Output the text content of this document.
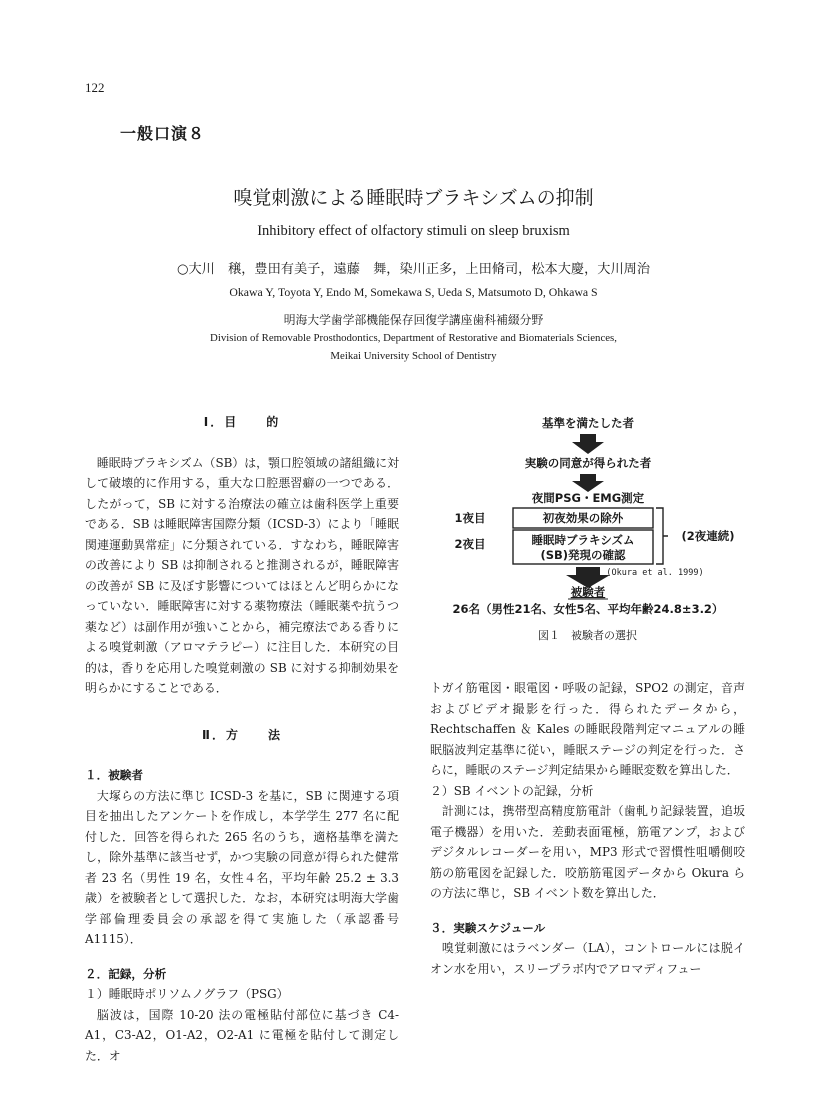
122
一般口演８
嗅覚刺激による睡眠時ブラキシズムの抑制
Inhibitory effect of olfactory stimuli on sleep bruxism
○大川　穣，豊田有美子，遠藤　舞，染川正多，上田脩司，松本大慶，大川周治
Okawa Y, Toyota Y, Endo M, Somekawa S, Ueda S, Matsumoto D, Ohkawa S
明海大学歯学部機能保存回復学講座歯科補綴分野
Division of Removable Prosthodontics, Department of Restorative and Biomaterials Sciences,
Meikai University School of Dentistry
Ⅰ．目　　的
睡眠時ブラキシズム（SB）は，顎口腔領域の諸組織に対して破壊的に作用する，重大な口腔悪習癖の一つである．したがって，SB に対する治療法の確立は歯科医学上重要である．SB は睡眠障害国際分類（ICSD-3）により「睡眠関連運動異常症」に分類されている．すなわち，睡眠障害の改善により SB は抑制されると推測されるが，睡眠障害の改善が SB に及ぼす影響についてはほとんど明らかになっていない．睡眠障害に対する薬物療法（睡眠薬や抗うつ薬など）は副作用が強いことから，補完療法である香りによる嗅覚刺激（アロマテラピー）に注目した．本研究の目的は，香りを応用した嗅覚刺激の SB に対する抑制効果を明らかにすることである．
Ⅱ．方　　法
１．被験者
大塚らの方法に準じ ICSD-3 を基に，SB に関連する項目を抽出したアンケートを作成し，本学学生 277 名に配付した．回答を得られた 265 名のうち，適格基準を満たし，除外基準に該当せず，かつ実験の同意が得られた健常者 23 名（男性 19 名，女性４名，平均年齢 25.2 ± 3.3 歳）を被験者として選択した．なお，本研究は明海大学歯学部倫理委員会の承認を得て実施した（承認番号 A1115）．
２．記録，分析
１）睡眠時ポリソムノグラフ（PSG）
脳波は，国際 10-20 法の電極貼付部位に基づき C4-A1，C3-A2，O1-A2，O2-A1 に電極を貼付して測定した．オ
基準を満たした者
実験の同意が得られた者
夜間PSG・EMG測定
1夜目	初夜効果の除外
2夜目	睡眠時ブラキシズム
(SB)発現の確認
(2夜連続)
(Okura et al. 1999)
被験者
26名（男性21名、女性5名、平均年齢24.8±3.2）
図１　被験者の選択
トガイ筋電図・眼電図・呼吸の記録，SPO2 の測定，音声およびビデオ撮影を行った．得られたデータから，Rechtschaffen ＆ Kales の睡眠段階判定マニュアルの睡眠脳波判定基準に従い，睡眠ステージの判定を行った．さらに，睡眠のステージ判定結果から睡眠変数を算出した．
２）SB イベントの記録，分析
計測には，携帯型高精度筋電計（歯軋り記録装置，追坂電子機器）を用いた．差動表面電極，筋電アンプ，およびデジタルレコーダーを用い，MP3 形式で習慣性咀嚼側咬筋の筋電図を記録した．咬筋筋電図データから Okura らの方法に準じ，SB イベント数を算出した．
３．実験スケジュール
嗅覚刺激にはラベンダー（LA），コントロールには脱イオン水を用い，スリープラボ内でアロマディフュー
